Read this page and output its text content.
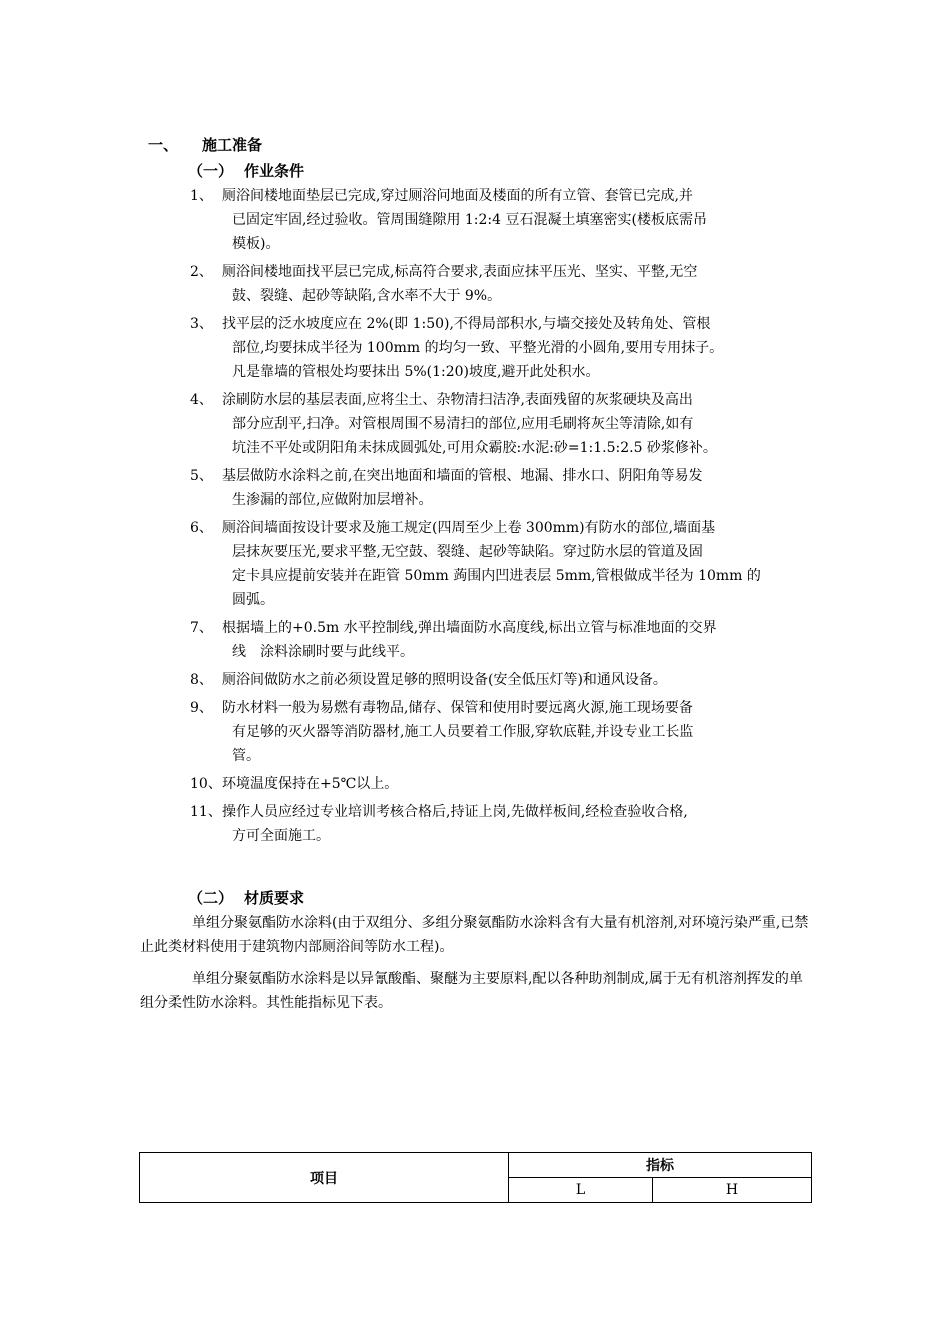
一、 施工准备
（一） 作业条件
1、 厕浴间楼地面垫层已完成,穿过厕浴问地面及楼面的所有立管、套管已完成,并
已固定牢固,经过验收。管周围缝隙用 1:2:4 豆石混凝土填塞密实(楼板底需吊
模板)。
2、 厕浴间楼地面找平层已完成,标高符合要求,表面应抹平压光、坚实、平整,无空
鼓、裂缝、起砂等缺陷,含水率不大于 9%。
3、 找平层的泛水坡度应在 2%(即 1:50),不得局部积水,与墙交接处及转角处、管根
部位,均要抹成半径为 100mm 的均匀一致、平整光滑的小圆角,要用专用抹子。
凡是靠墙的管根处均要抹出 5%(1:20)坡度,避开此处积水。
4、 涂刷防水层的基层表面,应将尘土、杂物清扫洁净,表面残留的灰浆硬块及高出
部分应刮平,扫净。对管根周围不易清扫的部位,应用毛刷将灰尘等清除,如有
坑洼不平处或阴阳角未抹成圆弧处,可用众霸胶:水泥:砂=1:1.5:2.5 砂浆修补。
5、 基层做防水涂料之前,在突出地面和墙面的管根、地漏、排水口、阴阳角等易发
生渗漏的部位,应做附加层增补。
6、 厕浴间墙面按设计要求及施工规定(四周至少上卷 300mm)有防水的部位,墙面基
层抹灰要压光,要求平整,无空鼓、裂缝、起砂等缺陷。穿过防水层的管道及固
定卡具应提前安装并在距管 50mm 蒟围内凹进表层 5mm,管根做成半径为 10mm 的
圆弧。
7、 根据墙上的+0.5m 水平控制线,弹出墙面防水高度线,标出立管与标准地面的交界
线　涂料涂刷时要与此线平。
8、 厕浴间做防水之前必须设置足够的照明设备(安全低压灯等)和通风设备。
9、 防水材料一般为易燃有毒物品,储存、保管和使用时要远离火源,施工现场要备
有足够的灭火器等消防器材,施工人员要着工作服,穿软底鞋,并设专业工长监
管。
10、 环境温度保持在+5℃以上。
11、 操作人员应经过专业培训考核合格后,持证上岗,先做样板间,经检查验收合格,
方可全面施工。
（二） 材质要求
单组分聚氨酯防水涂料(由于双组分、多组分聚氨酯防水涂料含有大量有机溶剂,对环境污染严重,已禁止此类材料使用于建筑物内部厕浴间等防水工程)。
单组分聚氨酯防水涂料是以异氰酸酯、聚醚为主要原料,配以各种助剂制成,属于无有机溶剂挥发的单组分柔性防水涂料。其性能指标见下表。
项目	指标	
	L	H
